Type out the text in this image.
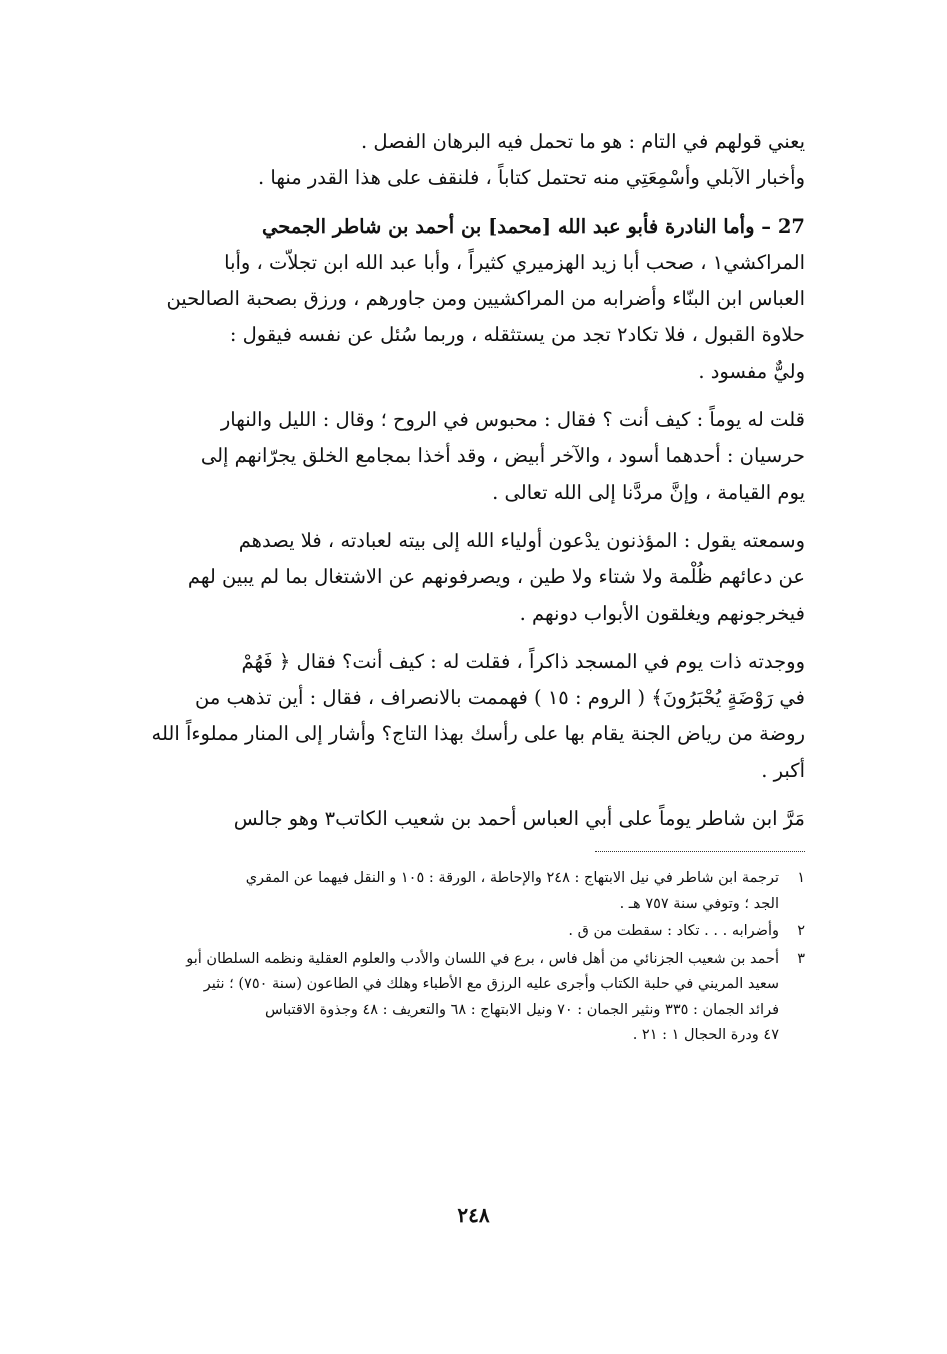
يعني قولهم في التام : هو ما تحمل فيه البرهان الفصل .
وأخبار الآبلي وأسْمِعَتِي منه تحتمل كتاباً ، فلنقف على هذا القدر منها .

27 – وأما النادرة فأبو عبد الله [محمد] بن أحمد بن شاطر الجمحي
المراكشي١ ، صحب أبا زيد الهزميري كثيراً ، وأبا عبد الله ابن تجلاّت ، وأبا
العباس ابن البنّاء وأضرابه من المراكشيين ومن جاورهم ، ورزق بصحبة الصالحين
حلاوة القبول ، فلا تكاد٢ تجد من يستثقله ، وربما سُئل عن نفسه فيقول :
وليٌّ مفسود .

قلت له يوماً : كيف أنت ؟ فقال : محبوس في الروح ؛ وقال : الليل والنهار
حرسيان : أحدهما أسود ، والآخر أبيض ، وقد أخذا بمجامع الخلق يجرّانهم إلى
يوم القيامة ، وإنَّ مردَّنا إلى الله تعالى .

وسمعته يقول : المؤذنون يدْعون أولياء الله إلى بيته لعبادته ، فلا يصدهم
عن دعائهم ظُلْمة ولا شتاء ولا طين ، ويصرفونهم عن الاشتغال بما لم يبين لهم
فيخرجونهم ويغلقون الأبواب دونهم .

ووجدته ذات يوم في المسجد ذاكراً ، فقلت له : كيف أنت؟ فقال ﴿ فَهُمْ
في رَوْضَةٍ يُحْبَرُونَ﴾ ( الروم : ١٥ ) فهممت بالانصراف ، فقال : أين تذهب من
روضة من رياض الجنة يقام بها على رأسك بهذا التاج؟ وأشار إلى المنار مملوءاً الله
أكبر .

مَرَّ ابن شاطر يوماً على أبي العباس أحمد بن شعيب الكاتب٣ وهو جالس

١
ترجمة ابن شاطر في نيل الابتهاج : ٢٤٨ والإحاطة ، الورقة : ١٠٥ و النقل فيهما عن المقري
الجد ؛ وتوفي سنة ٧٥٧ هـ .
٢
وأضرابه . . . تكاد : سقطت من ق .
٣
أحمد بن شعيب الجزنائي من أهل فاس ، برع في اللسان والأدب والعلوم العقلية ونظمه السلطان أبو
سعيد المريني في حلبة الكتاب وأجرى عليه الرزق مع الأطباء وهلك في الطاعون (سنة ٧٥٠) ؛ نثير
فرائد الجمان : ٣٣٥ ونثير الجمان : ٧٠ ونيل الابتهاج : ٦٨ والتعريف : ٤٨ وجذوة الاقتباس
٤٧ ودرة الحجال ١ : ٢١ .
٢٤٨
